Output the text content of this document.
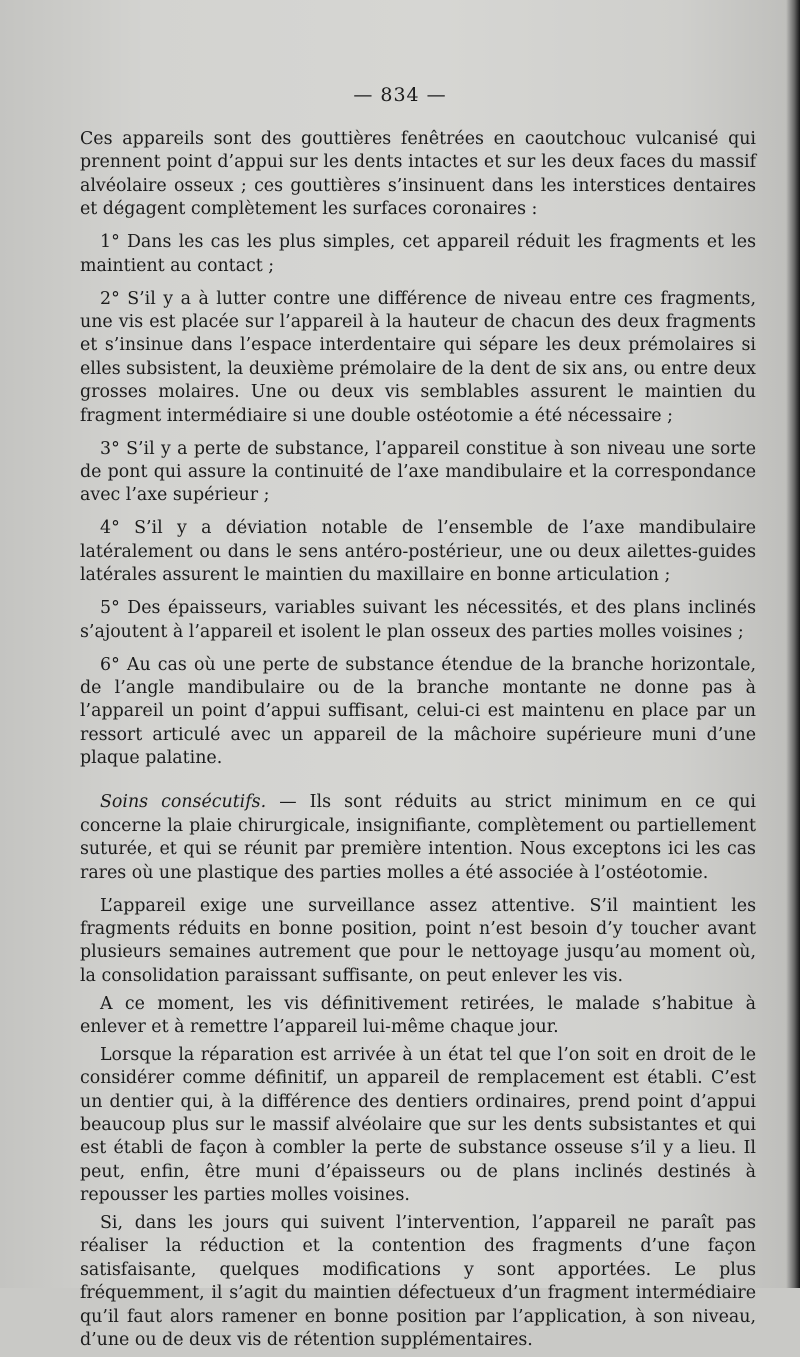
— 834 —

Ces appareils sont des gouttières fenêtrées en caoutchouc vulcanisé qui prennent point d’appui sur les dents intactes et sur les deux faces du massif alvéolaire osseux ; ces gouttières s’insinuent dans les interstices dentaires et dégagent complètement les surfaces coronaires :

1° Dans les cas les plus simples, cet appareil réduit les fragments et les maintient au contact ;

2° S’il y a à lutter contre une différence de niveau entre ces fragments, une vis est placée sur l’appareil à la hauteur de chacun des deux fragments et s’insinue dans l’espace interdentaire qui sépare les deux prémolaires si elles subsistent, la deuxième prémolaire de la dent de six ans, ou entre deux grosses molaires. Une ou deux vis semblables assurent le maintien du fragment intermédiaire si une double ostéotomie a été nécessaire ;

3° S’il y a perte de substance, l’appareil constitue à son niveau une sorte de pont qui assure la continuité de l’axe mandibulaire et la correspondance avec l’axe supérieur ;

4° S’il y a déviation notable de l’ensemble de l’axe mandibulaire latéralement ou dans le sens antéro-postérieur, une ou deux ailettes-guides latérales assurent le maintien du maxillaire en bonne articulation ;

5° Des épaisseurs, variables suivant les nécessités, et des plans inclinés s’ajoutent à l’appareil et isolent le plan osseux des parties molles voisines ;

6° Au cas où une perte de substance étendue de la branche horizontale, de l’angle mandibulaire ou de la branche montante ne donne pas à l’appareil un point d’appui suffisant, celui-ci est maintenu en place par un ressort articulé avec un appareil de la mâchoire supérieure muni d’une plaque palatine.

Soins consécutifs. — Ils sont réduits au strict minimum en ce qui concerne la plaie chirurgicale, insignifiante, complètement ou partiellement suturée, et qui se réunit par première intention. Nous exceptons ici les cas rares où une plastique des parties molles a été associée à l’ostéotomie.

L’appareil exige une surveillance assez attentive. S’il maintient les fragments réduits en bonne position, point n’est besoin d’y toucher avant plusieurs semaines autrement que pour le nettoyage jusqu’au moment où, la consolidation paraissant suffisante, on peut enlever les vis.

A ce moment, les vis définitivement retirées, le malade s’habitue à enlever et à remettre l’appareil lui-même chaque jour.

Lorsque la réparation est arrivée à un état tel que l’on soit en droit de le considérer comme définitif, un appareil de remplacement est établi. C’est un dentier qui, à la différence des dentiers ordinaires, prend point d’appui beaucoup plus sur le massif alvéolaire que sur les dents subsistantes et qui est établi de façon à combler la perte de substance osseuse s’il y a lieu. Il peut, enfin, être muni d’épaisseurs ou de plans inclinés destinés à repousser les parties molles voisines.

Si, dans les jours qui suivent l’intervention, l’appareil ne paraît pas réaliser la réduction et la contention des fragments d’une façon satisfaisante, quelques modifications y sont apportées. Le plus fréquemment, il s’agit du maintien défectueux d’un fragment intermédiaire qu’il faut alors ramener en bonne position par l’application, à son niveau, d’une ou de deux vis de rétention supplémentaires.
